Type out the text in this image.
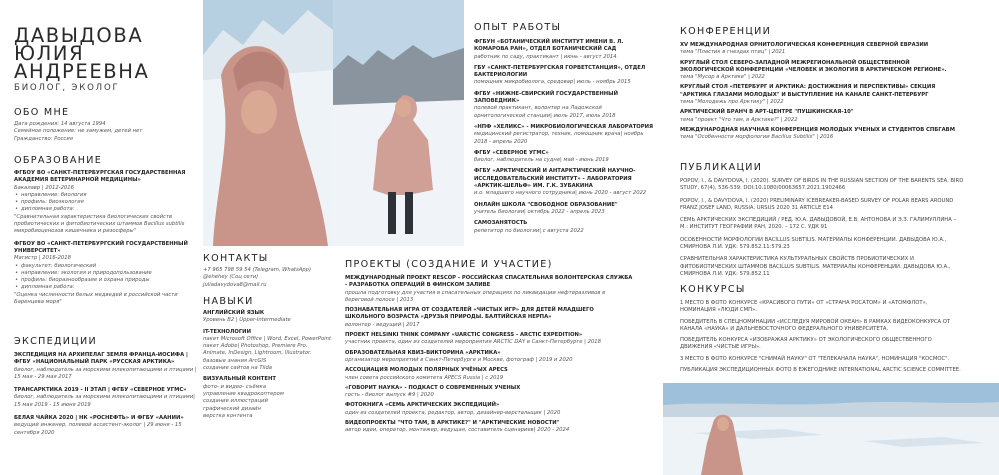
ДАВЫДОВА
ЮЛИЯ
АНДРЕЕВНА
БИОЛОГ, ЭКОЛОГ
ОБО МНЕ
Дата рождения: 14 августа 1994
Семейное положение: не замужем, детей нет
Гражданство: Россия
ОБРАЗОВАНИЕ
ФГБОУ ВО «САНКТ-ПЕТЕРБУРГСКАЯ ГОСУДАРСТВЕННАЯ АКАДЕМИЯ ВЕТЕРИНАРНОЙ МЕДИЦИНЫ»
Бакалавр | 2012-2016
• направление: биология
• профиль: биоэкология
• дипломная работа:
"Сравнительная характеристика биологических свойств пробиотических и фитобиотических штаммов Bacillus subtilis микробиоценозов кишечника и ризосферы"
ФГБОУ ВО «САНКТ-ПЕТЕРБУРГСКИЙ ГОСУДАРСТВЕННЫЙ УНИВЕРСИТЕТ»
Магистр | 2016-2018
• факультет: биологический
• направление: экология и природопользование
• профиль: биоразнообразие и охрана природы
• дипломная работа:
"Оценка численности белых медведей в российской части Баренцева моря"
ЭКСПЕДИЦИИ
ЭКСПЕДИЦИЯ НА АРХИПЕЛАГ ЗЕМЛЯ ФРАНЦА-ИОСИФА | ФГБУ «НАЦИОНАЛЬНЫЙ ПАРК «РУССКАЯ АРКТИКА»
биолог, наблюдатель за морскими млекопитающими и птицами | 15 мая - 29 мая 2017
ТРАНСАРКТИКА 2019 - II ЭТАП | ФГБУ «СЕВЕРНОЕ УГМС»
биолог, наблюдатель за морскими млекопитающими и птицами| 15 мая 2019 - 15 июня 2019
БЕЛАЯ ЧАЙКА 2020 | НК «РОСНЕФТЬ» И ФГБУ «ААНИИ»
ведущий инженер, полевой ассистент-эколог | 29 июня - 15 сентября 2020
КОНТАКТЫ
+7 965 798 59 54 (Telegram, WhatsApp)
@ehehey (Соц сети)
juliadavydova8@mail.ru
НАВЫКИ
АНГЛИЙСКИЙ ЯЗЫК
Уровень В2 | Upper-Intermediate
IT-ТЕХНОЛОГИИ
пакет Microsoft Office | Word, Excel, PowerPoint
пакет Adobe| Photoshop, Premiere Pro, Animate, InDesign, Lightroom, Illustrator.
базовые знания ArcGIS
создание сайтов на Tilda
ВИЗУАЛЬНЫЙ КОНТЕНТ
фото- и видео- съёмка
управление квадрокоптером
создание иллюстраций
графический дизайн
верстка контента
ОПЫТ РАБОТЫ
ФГБУН «БОТАНИЧЕСКИЙ ИНСТИТУТ ИМЕНИ В. Л. КОМАРОВА РАН», ОТДЕЛ БОТАНИЧЕСКИЙ САД
работник по саду, практикант | июнь - август 2014
ГБУ «САНКТ-ПЕТЕРБУРГСКАЯ ГОРВЕТСТАНЦИЯ», ОТДЕЛ БАКТЕРИОЛОГИИ
помощник микробиолога, средовар| июль - ноябрь 2015
ФГБУ «НИЖНЕ-СВИРСКИЙ ГОСУДАРСТВЕННЫЙ ЗАПОВЕДНИК»
полевой практикант, волонтер на Ладожской орнитологической станции| июль 2017, июль 2018
«НПФ «ХЕЛИКС» - МИКРОБИОЛОГИЧЕСКАЯ ЛАБОРАТОРИЯ
медицинский регистратор, техник, помощник врача| ноябрь 2018 - апрель 2020
ФГБУ «СЕВЕРНОЕ УГМС»
биолог, наблюдатель на судне| май - июнь 2019
ФГБУ «АРКТИЧЕСКИЙ И АНТАРКТИЧЕСКИЙ НАУЧНО-ИССЛЕДОВАТЕЛЬСКИЙ ИНСТИТУТ» - ЛАБОРАТОРИЯ «АРКТИК-ШЕЛЬФ» ИМ. Г.К. ЗУБАКИНА
и.о. младшего научного сотрудника| июнь 2020 - август 2022
ОНЛАЙН ШКОЛА "СВОБОДНОЕ ОБРАЗОВАНИЕ"
учитель биологии| октябрь 2022 - апрель 2023
САМОЗАНЯТОСТЬ
репетитор по биологии| с августа 2022
ПРОЕКТЫ (СОЗДАНИЕ И УЧАСТИЕ)
МЕЖДУНАРОДНЫЙ ПРОЕКТ RESCOP - РОССИЙСКАЯ СПАСАТЕЛЬНАЯ ВОЛОНТЕРСКАЯ СЛУЖБА - РАЗРАБОТКА ОПЕРАЦИЙ В ФИНСКОМ ЗАЛИВЕ
прошла подготовку для участия в спасательных операциях по ликвидации нефтеразливов в береговой полосе | 2013
ПОЗНАВАТЕЛЬНАЯ ИГРА ОТ СОЗДАТЕЛЕЙ «ЧИСТЫХ ИГР» ДЛЯ ДЕТЕЙ МЛАДШЕГО ШКОЛЬНОГО ВОЗРАСТА «ДРУЗЬЯ ПРИРОДЫ. БАЛТИЙСКАЯ НЕРПА»
волонтер - ведущий | 2017
ПРОЕКТ HELSINKI THINK COMPANY «UARCTIC CONGRESS - ARCTIC EXPEDITION»
участник проекта, один из создателей мероприятия ARCTIC DAY в Санкт-Петербурге | 2018
ОБРАЗОВАТЕЛЬНАЯ КВИЗ-ВИКТОРИНА «АРКТИКА»
организатор мероприятий в Санкт-Петербурге и Москве, фотограф | 2019 и 2020
АССОЦИАЦИЯ МОЛОДЫХ ПОЛЯРНЫХ УЧЁНЫХ APECS
член совета российского комитета APECS Russia | с 2019
«ГОВОРИТ НАУКА» - ПОДКАСТ О СОВРЕМЕННЫХ УЧЕНЫХ
гость - биолог выпуск #9 | 2020
ФОТОКНИГА «СЕМЬ АРКТИЧЕСКИХ ЭКСПЕДИЦИЙ»
один из создателей проекта, редактор, автор, дизайнер-верстальщик | 2020
ВИДЕОПРОЕКТЫ "ЧТО ТАМ, В АРКТИКЕ?" И "АРКТИЧЕСКИЕ НОВОСТИ"
автор идеи, оператор, монтажер, ведущая, составитель сценариев| 2020 - 2024
КОНФЕРЕНЦИИ
XV МЕЖДУНАРОДНАЯ ОРНИТОЛОГИЧЕСКАЯ КОНФЕРЕНЦИЯ СЕВЕРНОЙ ЕВРАЗИИ
тема "Пластик в гнездах птиц" | 2021
КРУГЛЫЙ СТОЛ СЕВЕРО-ЗАПАДНОЙ МЕЖРЕГИОНАЛЬНОЙ ОБЩЕСТВЕННОЙ ЭКОЛОГИЧЕСКОЙ КОНФЕРЕНЦИИ «ЧЕЛОВЕК И ЭКОЛОГИЯ В АРКТИЧЕСКОМ РЕГИОНЕ».
тема "Мусор в Арктике" | 2022
КРУГЛЫЙ СТОЛ «ПЕТЕРБУРГ И АРКТИКА: ДОСТИЖЕНИЯ И ПЕРСПЕКТИВЫ» СЕКЦИЯ "АРКТИКА ГЛАЗАМИ МОЛОДЫХ" И ВЫСТУПЛЕНИЕ НА КАНАЛЕ САНКТ-ПЕТЕРБУРГ
тема "Молодежь про Арктику" | 2022
АРКТИЧЕСКИЙ БРАНЧ В АРТ-ЦЕНТРЕ "ПУШКИНСКАЯ-10"
тема "проект "Что там, в Арктике?" | 2022
МЕЖДУНАРОДНАЯ НАУЧНАЯ КОНФЕРЕНЦИЯ МОЛОДЫХ УЧЕНЫХ И СТУДЕНТОВ СПБГАВМ
тема "Особенности морфологии Bacillus Subtilis" | 2016
ПУБЛИКАЦИИ
POPOV, I., & DAVYDOVA, I. (2020). SURVEY OF BIRDS IN THE RUSSIAN SECTION OF THE BARENTS SEA. BIRD STUDY, 67(4), 536-539. DOI:10.1080/00063657.2021.1902466
POPOV, I., & DAVYDOVA, I. (2020) PRELIMINARY ICEBREAKER-BASED SURVEY OF POLAR BEARS AROUND FRANZ JOSEF LAND, RUSSIA. URSUS 2020 31 ARTICLE E14
СЕМЬ АРКТИЧЕСКИХ ЭКСПЕДИЦИЙ / РЕД. Ю.А. ДАВЫДОВОЙ, Е.В. АНТОНОВА И Э.З. ГАЛИМУЛЛИНА – М.: ИНСТИТУТ ГЕОГРАФИИ РАН, 2020. – 172 С. УДК 91
ОСОБЕННОСТИ МОРФОЛОГИИ BACILLUS SUBTILIS. МАТЕРИАЛЫ КОНФЕРЕНЦИИ. ДАВЫДОВА Ю.А., СМИРНОВА Л.И. УДК: 579.852.11:579.23
СРАВНИТЕЛЬНАЯ ХАРАКТЕРИСТИКА КУЛЬТУРАЛЬНЫХ СВОЙСТВ ПРОБИОТИЧЕСКИХ И ФИТОБИОТИЧЕСКИХ ШТАММОВ BACILLUS SUBTILIS. МАТЕРИАЛЫ КОНФЕРЕНЦИИ. ДАВЫДОВА Ю.А., СМИРНОВА Л.И. УДК: 579.852.11
КОНКУРСЫ
1 МЕСТО В ФОТО КОНКУРСЕ «КРАСИВОГО ПУТИ» ОТ «СТРАНА РОСАТОМ» И «АТОМФЛОТ», НОМИНАЦИЯ «ЛЮДИ СМП».
ПОБЕДИТЕЛЬ В СПЕЦНОМИНАЦИИ «ИССЛЕДУЯ МИРОВОЙ ОКЕАН» В РАМКАХ ВИДЕОКОНКУРСА ОТ КАНАЛА «НАУКА» И ДАЛЬНЕВОСТОЧНОГО ФЕДЕРАЛЬНОГО УНИВЕРСИТЕТА.
ПОБЕДИТЕЛЬ КОНКУРСА «ИЗОБРАЖАЯ АРКТИКУ» ОТ ЭКОЛОГИЧЕСКОГО ОБЩЕСТВЕННОГО ДВИЖЕНИЯ «ЧИСТЫЕ ИГРЫ».
3 МЕСТО В ФОТО КОНКУРСЕ "СНИМАЙ НАУКУ" ОТ "ТЕЛЕКАНАЛА НАУКА", НОМИНАЦИЯ "КОСМОС".
ПУБЛИКАЦИЯ ЭКСПЕДИЦИОННЫХ ФОТО В ЕЖЕГОДНИКЕ INTERNATIONAL ARCTIC SCIENCE COMMITTEE.
